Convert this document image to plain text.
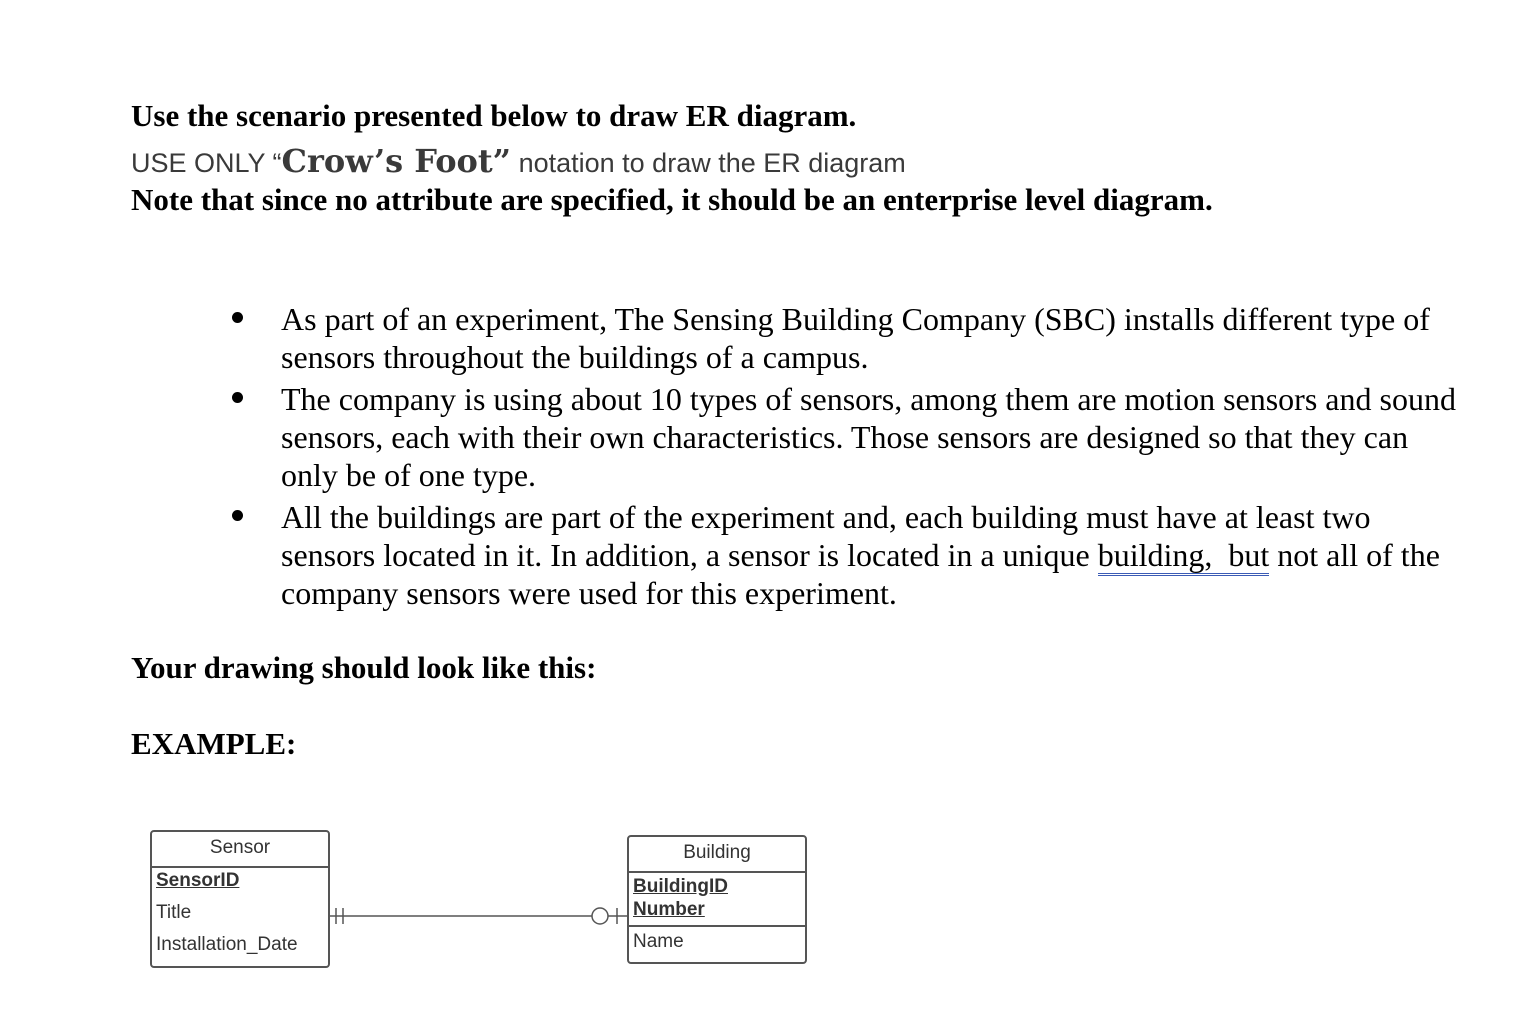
Use the scenario presented below to draw ER diagram.
USE ONLY “Crow’s Foot” notation to draw the ER diagram
Note that since no attribute are specified, it should be an enterprise level diagram.
As part of an experiment, The Sensing Building Company (SBC) installs different type of sensors throughout the buildings of a campus.
The company is using about 10 types of sensors, among them are motion sensors and sound sensors, each with their own characteristics. Those sensors are designed so that they can only be of one type.
All the buildings are part of the experiment and, each building must have at least two sensors located in it. In addition, a sensor is located in a unique building,  but not all of the company sensors were used for this experiment.
Your drawing should look like this:
EXAMPLE:
Sensor
SensorID
Title
Installation_Date
Building
BuildingID
Number
Name
